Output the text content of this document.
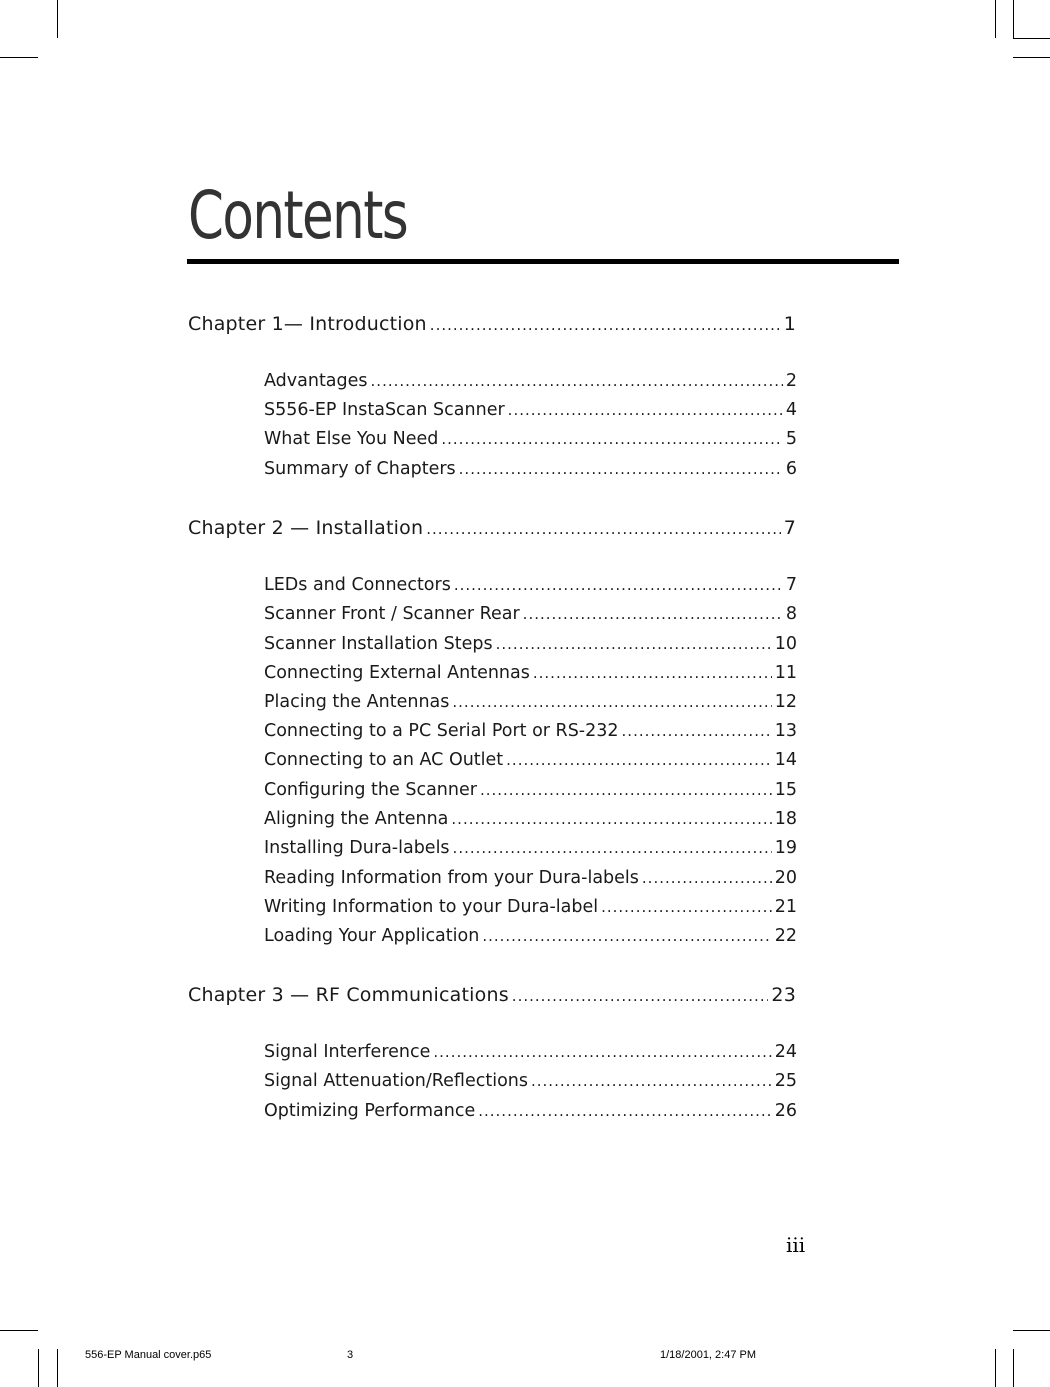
Contents
Chapter 1— Introduction .....	1
Advantages .....	2
S556-EP InstaScan Scanner .....	4
What Else You Need .....	5
Summary of Chapters .....	6
Chapter 2 — Installation .....	7
LEDs and Connectors .....	7
Scanner Front / Scanner Rear .....	8
Scanner Installation Steps .....	10
Connecting External Antennas .....	11
Placing the Antennas .....	12
Connecting to a PC Serial Port or RS-232 .....	13
Connecting to an AC Outlet .....	14
Configuring the Scanner .....	15
Aligning the Antenna .....	18
Installing Dura-labels .....	19
Reading Information from your Dura-labels .....	20
Writing Information to your Dura-label .....	21
Loading Your Application .....	22
Chapter 3 — RF Communications .....	23
Signal Interference .....	24
Signal Attenuation/Reflections .....	25
Optimizing Performance .....	26
iii
556-EP Manual cover.p65	3	1/18/2001, 2:47 PM
